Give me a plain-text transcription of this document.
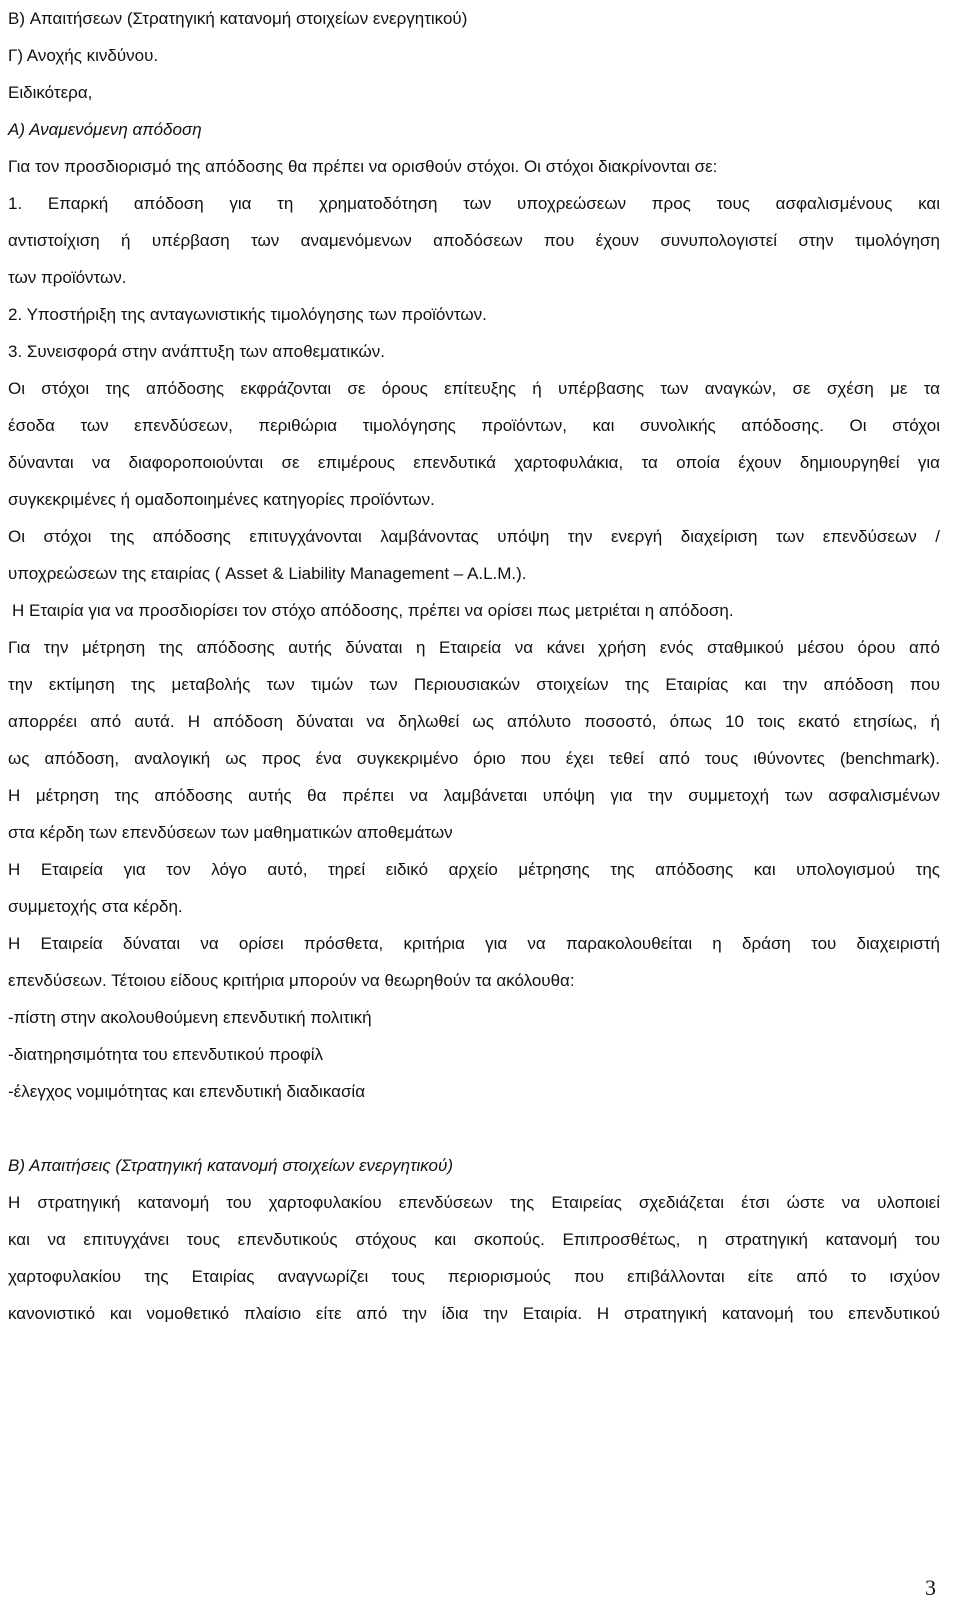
B) Απαιτήσεων (Στρατηγική κατανομή στοιχείων ενεργητικού)
Γ) Ανοχής κινδύνου.
Ειδικότερα,
Α) Αναμενόμενη απόδοση
Για τον προσδιορισμό της απόδοσης θα πρέπει να ορισθούν στόχοι. Οι στόχοι διακρίνονται σε:
1. Επαρκή απόδοση για τη χρηματοδότηση των υποχρεώσεων προς τους ασφαλισμένους και
αντιστοίχιση ή υπέρβαση των αναμενόμενων αποδόσεων που έχουν συνυπολογιστεί στην τιμολόγηση
των προϊόντων.
2. Υποστήριξη της ανταγωνιστικής τιμολόγησης των προϊόντων.
3. Συνεισφορά στην ανάπτυξη των αποθεματικών.
Οι στόχοι της απόδοσης εκφράζονται σε όρους επίτευξης ή υπέρβασης των αναγκών, σε σχέση με τα
έσοδα των επενδύσεων, περιθώρια τιμολόγησης προϊόντων, και συνολικής απόδοσης. Οι στόχοι
δύνανται να διαφοροποιούνται σε επιμέρους επενδυτικά χαρτοφυλάκια, τα οποία έχουν δημιουργηθεί για
συγκεκριμένες ή ομαδοποιημένες κατηγορίες προϊόντων.
Οι στόχοι της απόδοσης επιτυγχάνονται λαμβάνοντας υπόψη την ενεργή διαχείριση των επενδύσεων /
υποχρεώσεων της εταιρίας ( Asset & Liability Management – A.L.M.).
Η Εταιρία για να προσδιορίσει τον στόχο απόδοσης, πρέπει να ορίσει πως μετριέται η απόδοση.
Για την μέτρηση της απόδοσης αυτής δύναται η Εταιρεία να κάνει χρήση ενός σταθμικού μέσου όρου από
την εκτίμηση της μεταβολής των τιμών των Περιουσιακών στοιχείων της Εταιρίας και την απόδοση που
απορρέει από αυτά. Η απόδοση δύναται να δηλωθεί ως απόλυτο ποσοστό, όπως 10 τοις εκατό ετησίως, ή
ως απόδοση, αναλογική ως προς ένα συγκεκριμένο όριο που έχει τεθεί από τους ιθύνοντες (benchmark).
Η μέτρηση της απόδοσης αυτής θα πρέπει να λαμβάνεται υπόψη για την συμμετοχή των ασφαλισμένων
στα κέρδη των επενδύσεων των μαθηματικών αποθεμάτων
Η Εταιρεία για τον λόγο αυτό, τηρεί ειδικό αρχείο μέτρησης της απόδοσης και υπολογισμού της
συμμετοχής στα κέρδη.
Η Εταιρεία δύναται να ορίσει πρόσθετα, κριτήρια για να παρακολουθείται η δράση του διαχειριστή
επενδύσεων. Τέτοιου είδους κριτήρια μπορούν να θεωρηθούν τα ακόλουθα:
-πίστη στην ακολουθούμενη επενδυτική πολιτική
-διατηρησιμότητα του επενδυτικού προφίλ
-έλεγχος νομιμότητας και επενδυτική διαδικασία
Β) Απαιτήσεις (Στρατηγική κατανομή στοιχείων ενεργητικού)
Η στρατηγική κατανομή του χαρτοφυλακίου επενδύσεων της Εταιρείας σχεδιάζεται έτσι ώστε να υλοποιεί
και να επιτυγχάνει τους επενδυτικούς στόχους και σκοπούς. Επιπροσθέτως, η στρατηγική κατανομή του
χαρτοφυλακίου της Εταιρίας αναγνωρίζει τους περιορισμούς που επιβάλλονται είτε από το ισχύον
κανονιστικό και νομοθετικό πλαίσιο είτε από την ίδια την Εταιρία. Η στρατηγική κατανομή του επενδυτικού
3
